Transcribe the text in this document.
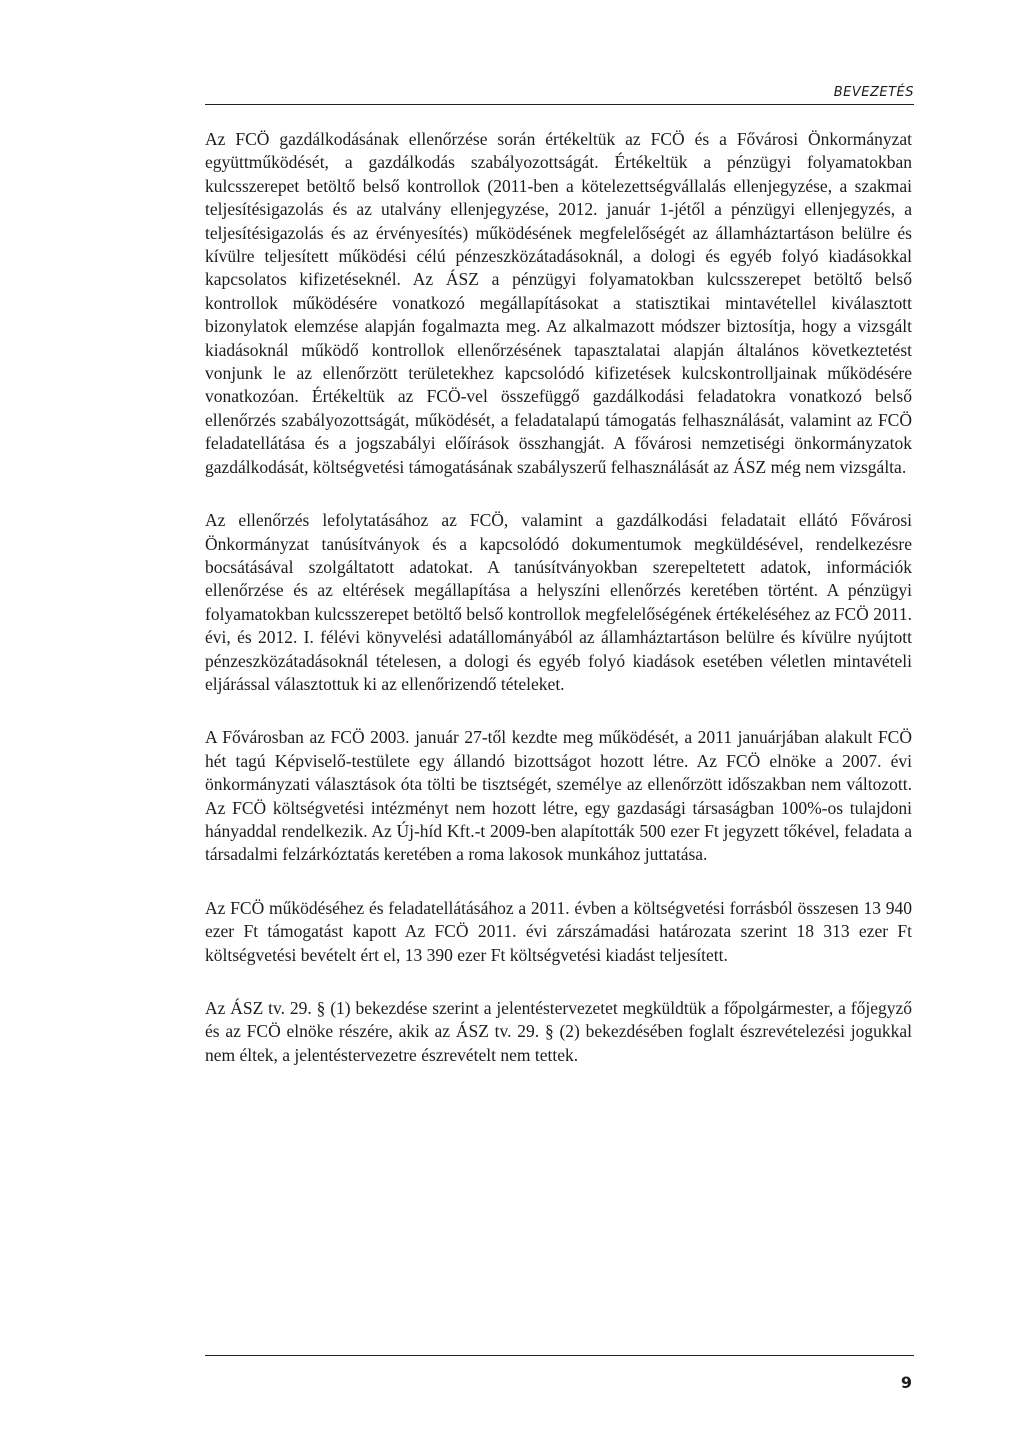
BEVEZETÉS

Az FCÖ gazdálkodásának ellenőrzése során értékeltük az FCÖ és a Fővárosi Önkormányzat együttműködését, a gazdálkodás szabályozottságát. Értékeltük a pénzügyi folyamatokban kulcsszerepet betöltő belső kontrollok (2011-ben a kötelezettségvállalás ellenjegyzése, a szakmai teljesítésigazolás és az utalvány ellenjegyzése, 2012. január 1-jétől a pénzügyi ellenjegyzés, a teljesítésigazolás és az érvényesítés) működésének megfelelőségét az államháztartáson belülre és kívülre teljesített működési célú pénzeszközátadásoknál, a dologi és egyéb folyó kiadásokkal kapcsolatos kifizetéseknél. Az ÁSZ a pénzügyi folyamatokban kulcsszerepet betöltő belső kontrollok működésére vonatkozó megállapításokat a statisztikai mintavétellel kiválasztott bizonylatok elemzése alapján fogalmazta meg. Az alkalmazott módszer biztosítja, hogy a vizsgált kiadásoknál működő kontrollok ellenőrzésének tapasztalatai alapján általános következtetést vonjunk le az ellenőrzött területekhez kapcsolódó kifizetések kulcskontrolljainak működésére vonatkozóan. Értékeltük az FCÖ-vel összefüggő gazdálkodási feladatokra vonatkozó belső ellenőrzés szabályozottságát, működését, a feladatalapú támogatás felhasználását, valamint az FCÖ feladatellátása és a jogszabályi előírások összhangját. A fővárosi nemzetiségi önkormányzatok gazdálkodását, költségvetési támogatásának szabályszerű felhasználását az ÁSZ még nem vizsgálta.

Az ellenőrzés lefolytatásához az FCÖ, valamint a gazdálkodási feladatait ellátó Fővárosi Önkormányzat tanúsítványok és a kapcsolódó dokumentumok megküldésével, rendelkezésre bocsátásával szolgáltatott adatokat. A tanúsítványokban szerepeltetett adatok, információk ellenőrzése és az eltérések megállapítása a helyszíni ellenőrzés keretében történt. A pénzügyi folyamatokban kulcsszerepet betöltő belső kontrollok megfelelőségének értékeléséhez az FCÖ 2011. évi, és 2012. I. félévi könyvelési adatállományából az államháztartáson belülre és kívülre nyújtott pénzeszközátadásoknál tételesen, a dologi és egyéb folyó kiadások esetében véletlen mintavételi eljárással választottuk ki az ellenőrizendő tételeket.

A Fővárosban az FCÖ 2003. január 27-től kezdte meg működését, a 2011 januárjában alakult FCÖ hét tagú Képviselő-testülete egy állandó bizottságot hozott létre. Az FCÖ elnöke a 2007. évi önkormányzati választások óta tölti be tisztségét, személye az ellenőrzött időszakban nem változott. Az FCÖ költségvetési intézményt nem hozott létre, egy gazdasági társaságban 100%-os tulajdoni hányaddal rendelkezik. Az Új-híd Kft.-t 2009-ben alapították 500 ezer Ft jegyzett tőkével, feladata a társadalmi felzárkóztatás keretében a roma lakosok munkához juttatása.

Az FCÖ működéséhez és feladatellátásához a 2011. évben a költségvetési forrásból összesen 13 940 ezer Ft támogatást kapott Az FCÖ 2011. évi zárszámadási határozata szerint 18 313 ezer Ft költségvetési bevételt ért el, 13 390 ezer Ft költségvetési kiadást teljesített.

Az ÁSZ tv. 29. § (1) bekezdése szerint a jelentéstervezetet megküldtük a főpolgármester, a főjegyző és az FCÖ elnöke részére, akik az ÁSZ tv. 29. § (2) bekezdésében foglalt észrevételezési jogukkal nem éltek, a jelentéstervezetre észrevételt nem tettek.

9
